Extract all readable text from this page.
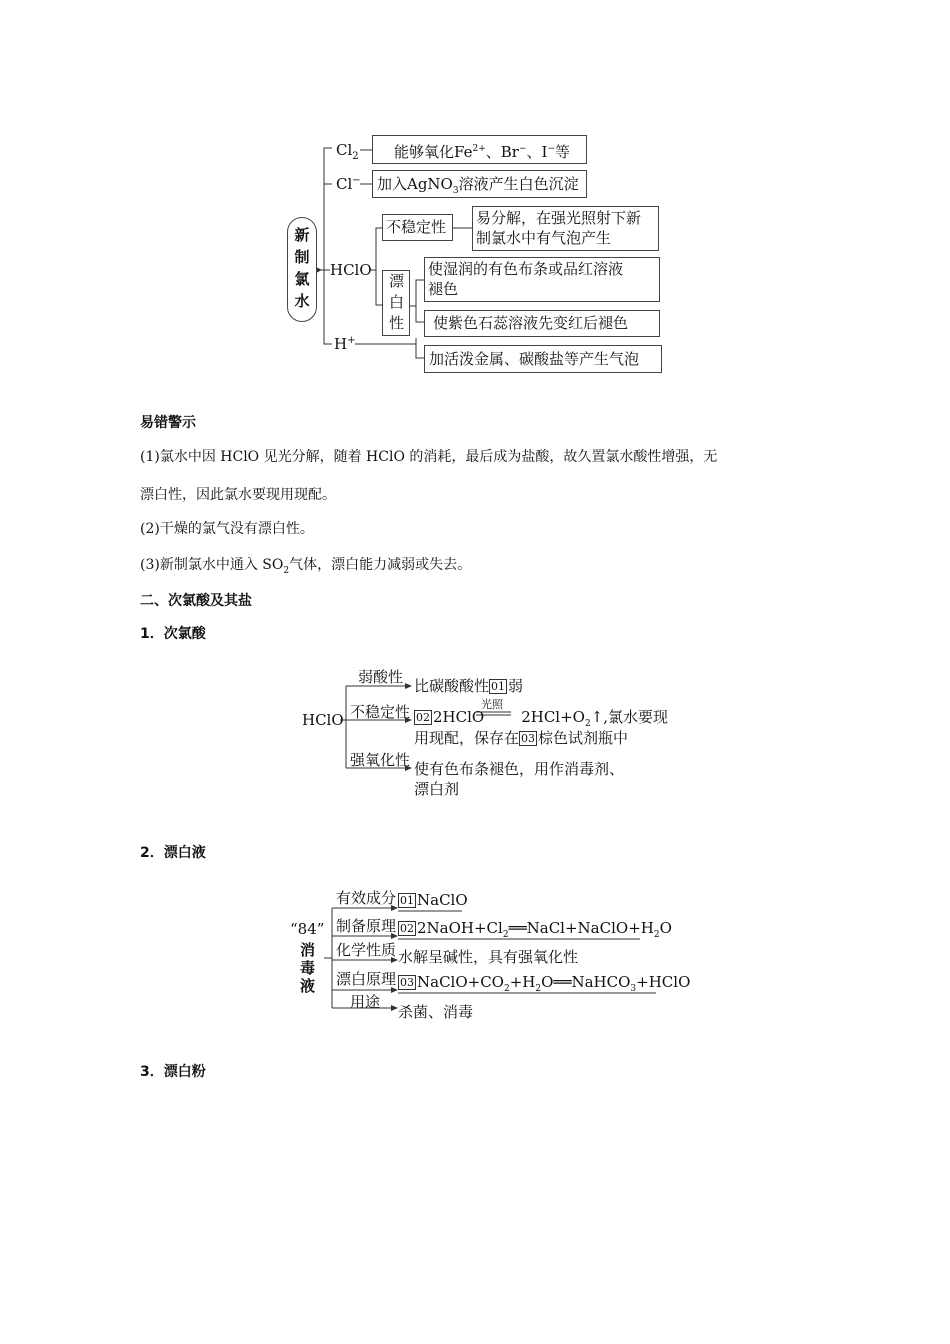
新
制
氯
水
$Cl_2$
Cl−
HClO
H+
能够氧化$Fe^{2+}$、Br−、I−等
加入AgNO$_3$溶液产生白色沉淀
不稳定性 易分解，在强光照射下新
制氯水中有气泡产生
漂
白
性
使湿润的有色布条或品红溶液
褪色
使紫色石蕊溶液先变红后褪色
加活泼金属、碳酸盐等产生气泡
易错警示
(1)氯水中因 HClO 见光分解，随着 HClO 的消耗，最后成为盐酸，故久置氯水酸性增强，无
漂白性，因此氯水要现用现配。
(2)干燥的氯气没有漂白性。
(3)新制氯水中通入 $SO_2$气体，漂白能力减弱或失去。
二、次氯酸及其盐
1．次氯酸
HClO
弱酸性
不稳定性
强氧化性
比碳酸酸性 01 弱
02 2HClO $2HCl+O_2↑$,氯水要现
光照
用现配，保存在 03 棕色试剂瓶中
使有色布条褪色，用作消毒剂、
漂白剂
2．漂白液
“84”
消
毒
液
有效成分
制备原理
化学性质
漂白原理
用途
01 NaClO
02 $2NaOH+Cl_2══NaCl+NaClO+H_2O$
水解呈碱性，具有强氧化性
03 $NaClO+CO_2+H_2O══NaHCO_3+HClO$
杀菌、消毒
3．漂白粉
